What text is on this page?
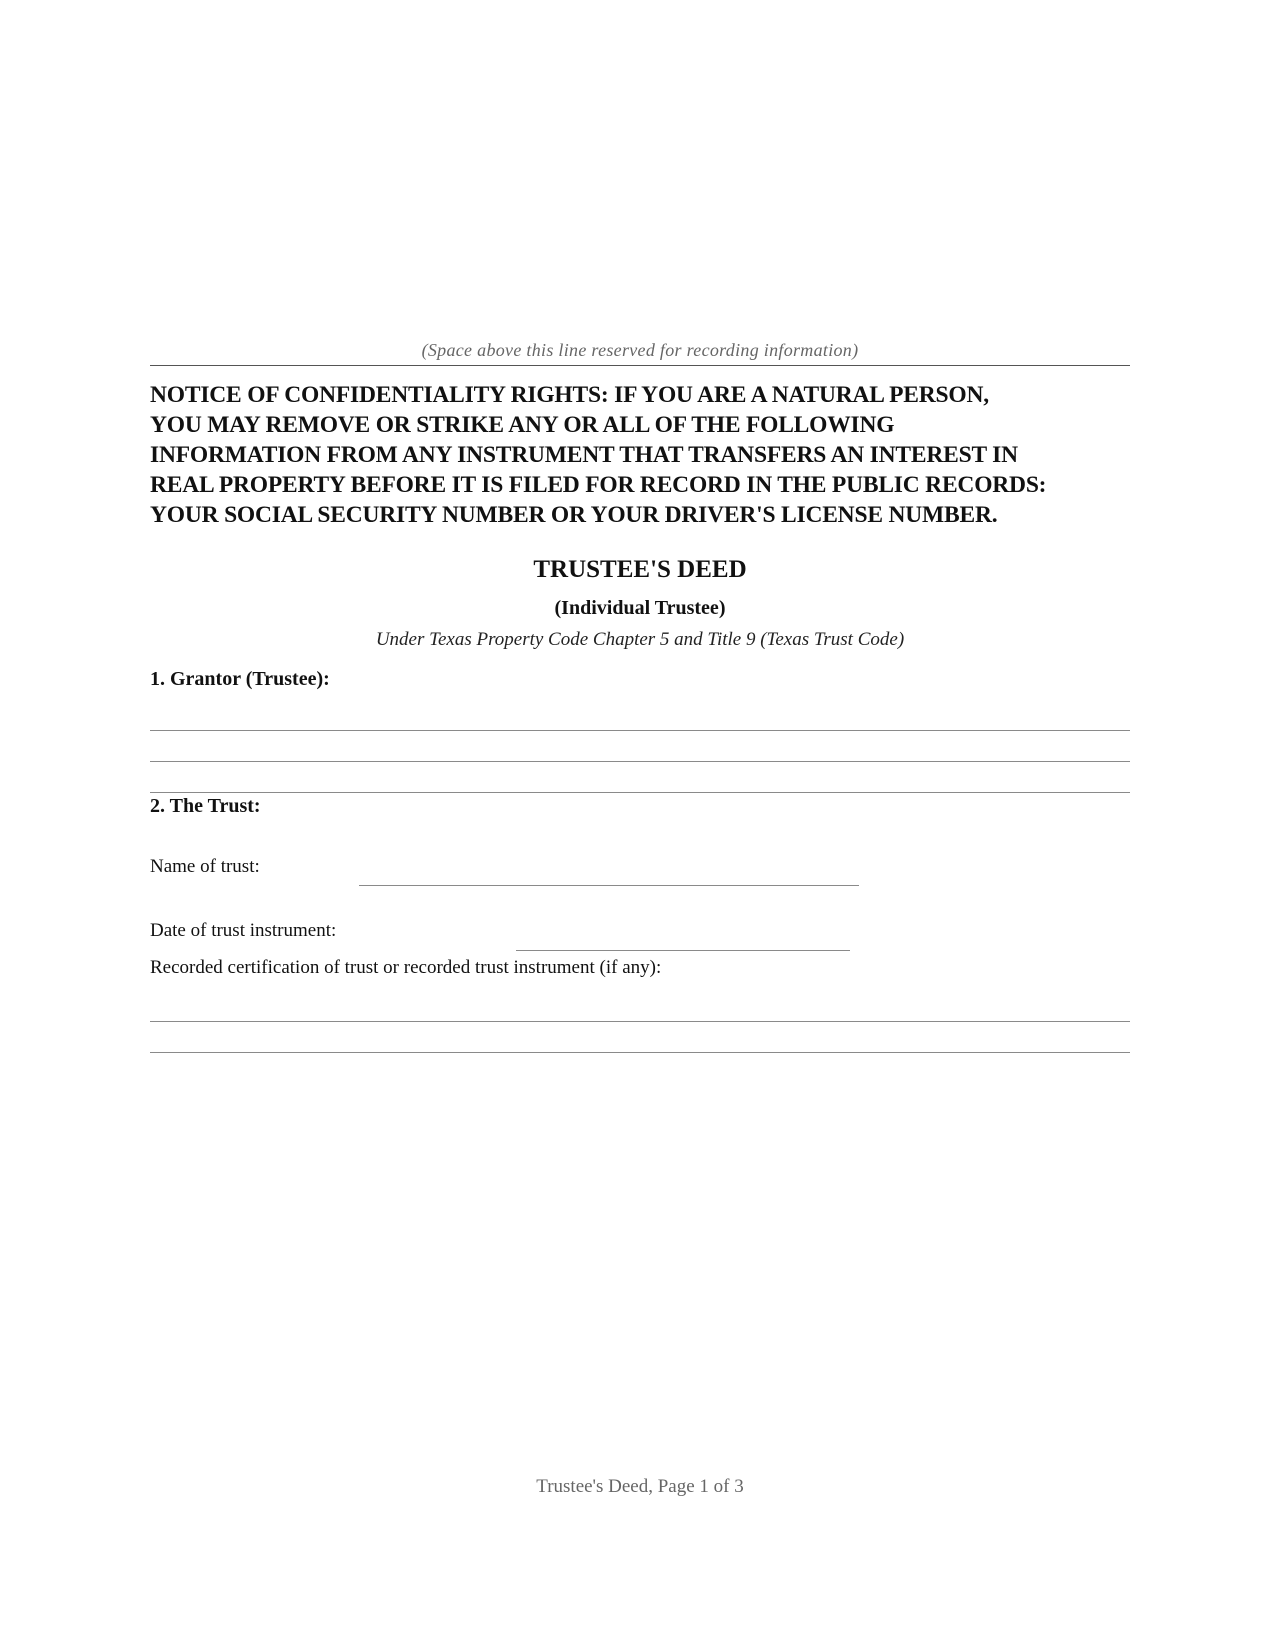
(Space above this line reserved for recording information)
NOTICE OF CONFIDENTIALITY RIGHTS: IF YOU ARE A NATURAL PERSON,
YOU MAY REMOVE OR STRIKE ANY OR ALL OF THE FOLLOWING
INFORMATION FROM ANY INSTRUMENT THAT TRANSFERS AN INTEREST IN
REAL PROPERTY BEFORE IT IS FILED FOR RECORD IN THE PUBLIC RECORDS:
YOUR SOCIAL SECURITY NUMBER OR YOUR DRIVER'S LICENSE NUMBER.
TRUSTEE'S DEED
(Individual Trustee)
Under Texas Property Code Chapter 5 and Title 9 (Texas Trust Code)
1. Grantor (Trustee):
2. The Trust:
Name of trust:
Date of trust instrument:
Recorded certification of trust or recorded trust instrument (if any):
Trustee's Deed, Page 1 of 3
